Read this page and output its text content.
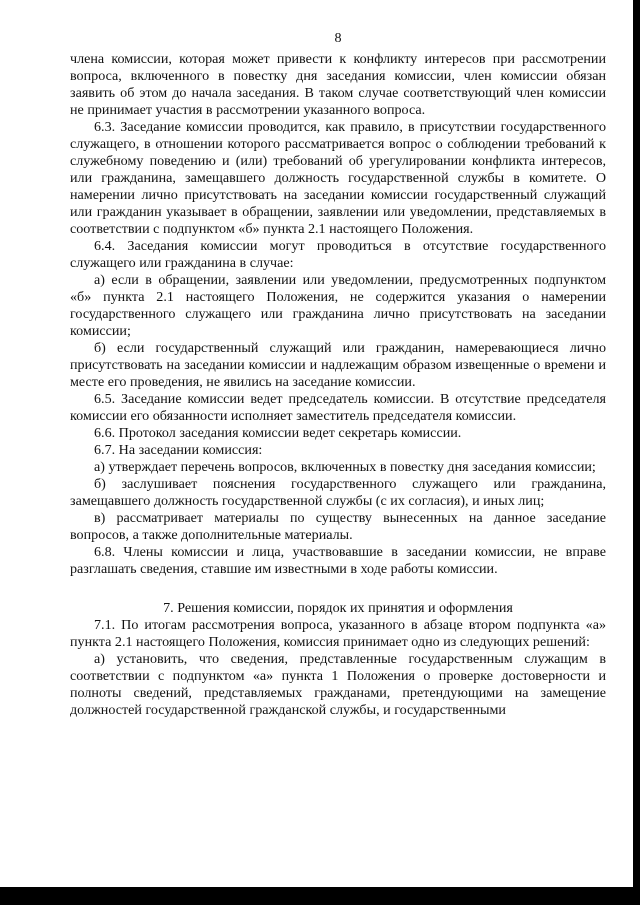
8

члена комиссии, которая может привести к конфликту интересов при рассмотрении вопроса, включенного в повестку дня заседания комиссии, член комиссии обязан заявить об этом до начала заседания. В таком случае соответствующий член комиссии не принимает участия в рассмотрении указанного вопроса.

6.3. Заседание комиссии проводится, как правило, в присутствии государственного служащего, в отношении которого рассматривается вопрос о соблюдении требований к служебному поведению и (или) требований об урегулировании конфликта интересов, или гражданина, замещавшего должность государственной службы в комитете. О намерении лично присутствовать на заседании комиссии государственный служащий или гражданин указывает в обращении, заявлении или уведомлении, представляемых в соответствии с подпунктом «б» пункта 2.1 настоящего Положения.

6.4. Заседания комиссии могут проводиться в отсутствие государственного служащего или гражданина в случае:

а) если в обращении, заявлении или уведомлении, предусмотренных подпунктом «б» пункта 2.1 настоящего Положения, не содержится указания о намерении государственного служащего или гражданина лично присутствовать на заседании комиссии;

б) если государственный служащий или гражданин, намеревающиеся лично присутствовать на заседании комиссии и надлежащим образом извещенные о времени и месте его проведения, не явились на заседание комиссии.

6.5. Заседание комиссии ведет председатель комиссии. В отсутствие председателя комиссии его обязанности исполняет заместитель председателя комиссии.

6.6. Протокол заседания комиссии ведет секретарь комиссии.

6.7. На заседании комиссия:

а) утверждает перечень вопросов, включенных в повестку дня заседания комиссии;

б) заслушивает пояснения государственного служащего или гражданина, замещавшего должность государственной службы (с их согласия), и иных лиц;

в) рассматривает материалы по существу вынесенных на данное заседание вопросов, а также дополнительные материалы.

6.8. Члены комиссии и лица, участвовавшие в заседании комиссии, не вправе разглашать сведения, ставшие им известными в ходе работы комиссии.

7. Решения комиссии, порядок их принятия и оформления

7.1. По итогам рассмотрения вопроса, указанного в абзаце втором подпункта «а» пункта 2.1 настоящего Положения, комиссия принимает одно из следующих решений:

а) установить, что сведения, представленные государственным служащим в соответствии с подпунктом «а» пункта 1 Положения о проверке достоверности и полноты сведений, представляемых гражданами, претендующими на замещение должностей государственной гражданской службы, и государственными
